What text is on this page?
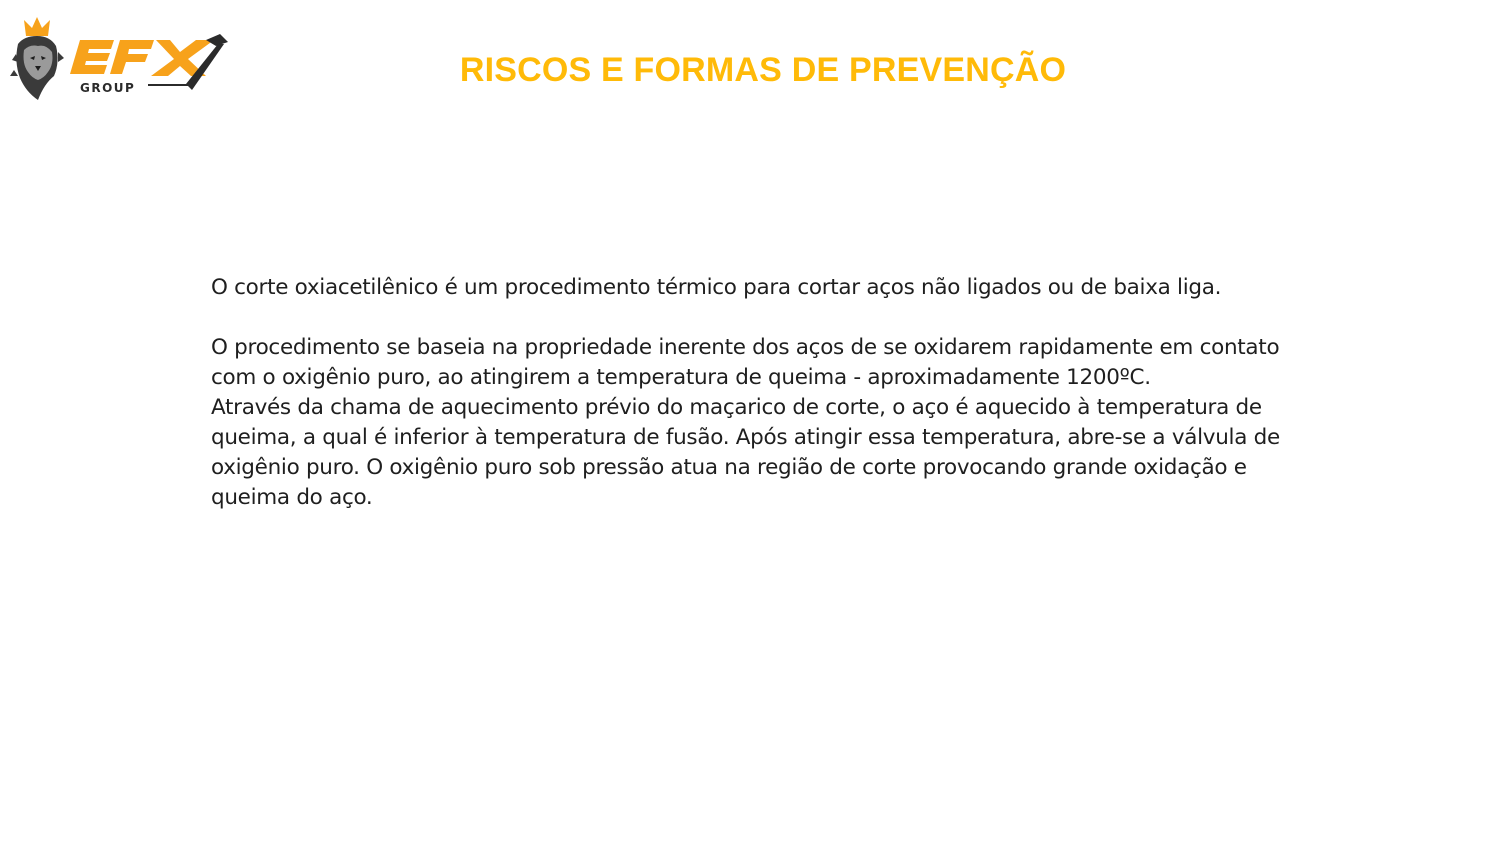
GROUP	RISCOS E FORMAS DE PREVENÇÃO

O corte oxiacetilênico é um procedimento térmico para cortar aços não ligados ou de baixa liga.

O procedimento se baseia na propriedade inerente dos aços de se oxidarem rapidamente em contato com o oxigênio puro, ao atingirem a temperatura de queima - aproximadamente 1200ºC.

Através da chama de aquecimento prévio do maçarico de corte, o aço é aquecido à temperatura de queima, a qual é inferior à temperatura de fusão. Após atingir essa temperatura, abre-se a válvula de oxigênio puro. O oxigênio puro sob pressão atua na região de corte provocando grande oxidação e queima do aço.
